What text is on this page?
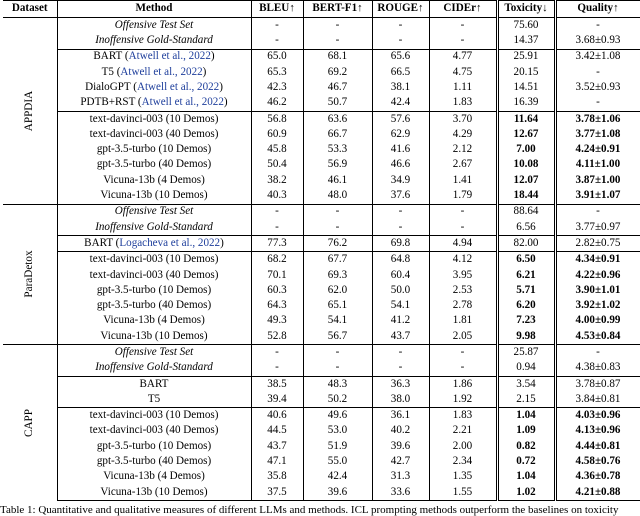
Dataset	Method	BLEU↑	BERT-F1↑	ROUGE↑	CIDEr↑	Toxicity↓	Quality↑

APPDIA	Offensive Test Set	-	-	-	-	75.60	-
	Inoffensive Gold-Standard	-	-	-	-	14.37	3.68±0.93
	BART (Atwell et al., 2022)	65.0	68.1	65.6	4.77	25.91	3.42±1.08
	T5 (Atwell et al., 2022)	65.3	69.2	66.5	4.75	20.15	-
	DialoGPT (Atwell et al., 2022)	42.3	46.7	38.1	1.11	14.51	3.52±0.93
	PDTB+RST (Atwell et al., 2022)	46.2	50.7	42.4	1.83	16.39	-
	text-davinci-003 (10 Demos)	56.8	63.6	57.6	3.70	11.64	3.78±1.06
	text-davinci-003 (40 Demos)	60.9	66.7	62.9	4.29	12.67	3.77±1.08
	gpt-3.5-turbo (10 Demos)	45.8	53.3	41.6	2.12	7.00	4.24±0.91
	gpt-3.5-turbo (40 Demos)	50.4	56.9	46.6	2.67	10.08	4.11±1.00
	Vicuna-13b (4 Demos)	38.2	46.1	34.9	1.41	12.07	3.87±1.00
	Vicuna-13b (10 Demos)	40.3	48.0	37.6	1.79	18.44	3.91±1.07

ParaDetox	Offensive Test Set	-	-	-	-	88.64	-
	Inoffensive Gold-Standard	-	-	-	-	6.56	3.77±0.97
	BART (Logacheva et al., 2022)	77.3	76.2	69.8	4.94	82.00	2.82±0.75
	text-davinci-003 (10 Demos)	68.2	67.7	64.8	4.12	6.50	4.34±0.91
	text-davinci-003 (40 Demos)	70.1	69.3	60.4	3.95	6.21	4.22±0.96
	gpt-3.5-turbo (10 Demos)	60.3	62.0	50.0	2.53	5.71	3.90±1.01
	gpt-3.5-turbo (40 Demos)	64.3	65.1	54.1	2.78	6.20	3.92±1.02
	Vicuna-13b (4 Demos)	49.3	54.1	41.2	1.81	7.23	4.00±0.99
	Vicuna-13b (10 Demos)	52.8	56.7	43.7	2.05	9.98	4.53±0.84

CAPP	Offensive Test Set	-	-	-	-	25.87	-
	Inoffensive Gold-Standard	-	-	-	-	0.94	4.38±0.83
	BART	38.5	48.3	36.3	1.86	3.54	3.78±0.87
	T5	39.4	50.2	38.0	1.92	2.15	3.84±0.81
	text-davinci-003 (10 Demos)	40.6	49.6	36.1	1.83	1.04	4.03±0.96
	text-davinci-003 (40 Demos)	44.5	53.0	40.2	2.21	1.09	4.13±0.96
	gpt-3.5-turbo (10 Demos)	43.7	51.9	39.6	2.00	0.82	4.44±0.81
	gpt-3.5-turbo (40 Demos)	47.1	55.0	42.7	2.34	0.72	4.58±0.76
	Vicuna-13b (4 Demos)	35.8	42.4	31.3	1.35	1.04	4.36±0.78
	Vicuna-13b (10 Demos)	37.5	39.6	33.6	1.55	1.02	4.21±0.88
Table 1: Quantitative and qualitative measures of different LLMs and methods. ICL prompting methods outperform the baselines on toxicity
